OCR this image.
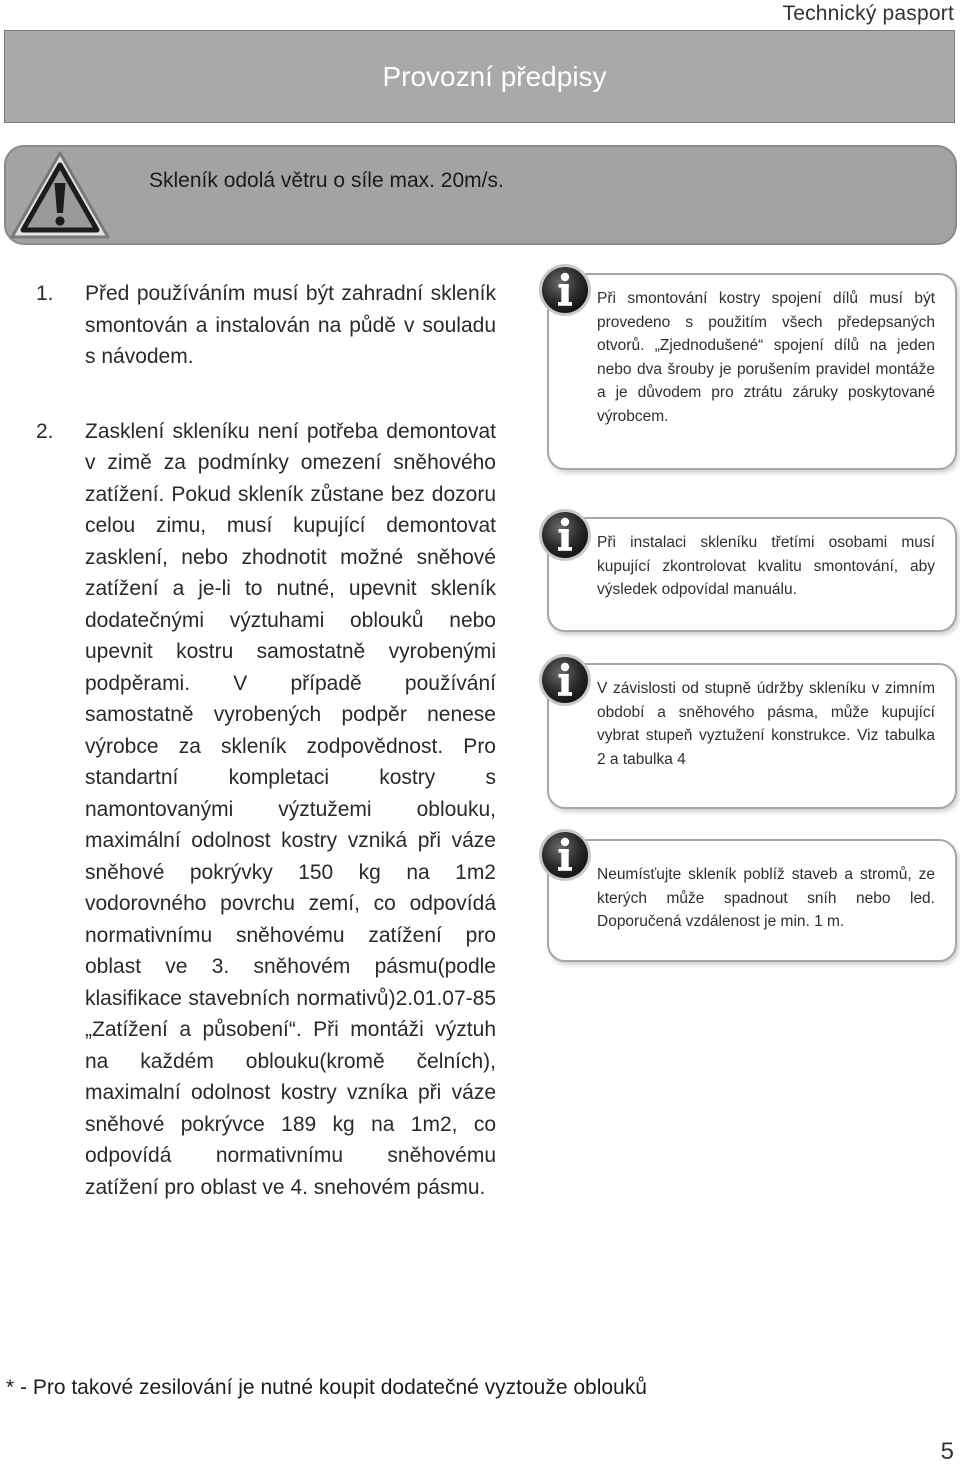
Technický pasport
Provozní předpisy
Skleník odolá větru o síle max. 20m/s.
1. Před používáním musí být zahradní skleník smontován a instalován na půdě v souladu s návodem.
2. Zasklení skleníku není potřeba demontovat v zimě za podmínky omezení sněhového zatížení. Pokud skleník zůstane bez dozoru celou zimu, musí kupující demontovat zasklení, nebo zhodnotit možné sněhové zatížení a je-li to nutné, upevnit skleník dodatečnými výztuhami oblouků nebo upevnit kostru samostatně vyrobenými podpěrami. V případě používání samostatně vyrobených podpěr nenese výrobce za skleník zodpovědnost. Pro standartní kompletaci kostry s namontovanými výztužemi oblouku, maximální odolnost kostry vzniká při váze sněhové pokrývky 150 kg na 1m2 vodorovného povrchu zemí, co odpovídá normativnímu sněhovému zatížení pro oblast ve 3. sněhovém pásmu(podle klasifikace stavebních normativů)2.01.07-85 „Zatížení a působení“. Při montáži výztuh na každém oblouku(kromě čelních), maximalní odolnost kostry vzníka při váze sněhové pokrývce 189 kg na 1m2, co odpovídá normativnímu sněhovému zatížení pro oblast ve 4. snehovém pásmu.
Při smontování kostry spojení dílů musí být provedeno s použitím všech předepsaných otvorů. „Zjednodušené“ spojení dílů na jeden nebo dva šrouby je porušením pravidel montáže a je důvodem pro ztrátu záruky poskytované výrobcem.
Při instalaci skleníku třetími osobami musí kupující zkontrolovat kvalitu smontování, aby výsledek odpovídal manuálu.
V závislosti od stupně údržby skleníku v zimním období a sněhového pásma, může kupující vybrat stupeň vyztužení konstrukce. Viz tabulka 2 a tabulka 4
Neumísťujte skleník poblíž staveb a stromů, ze kterých může spadnout sníh nebo led. Doporučená vzdálenost je min. 1 m.
* - Pro takové zesilování je nutné koupit dodatečné vyztouže oblouků
5
